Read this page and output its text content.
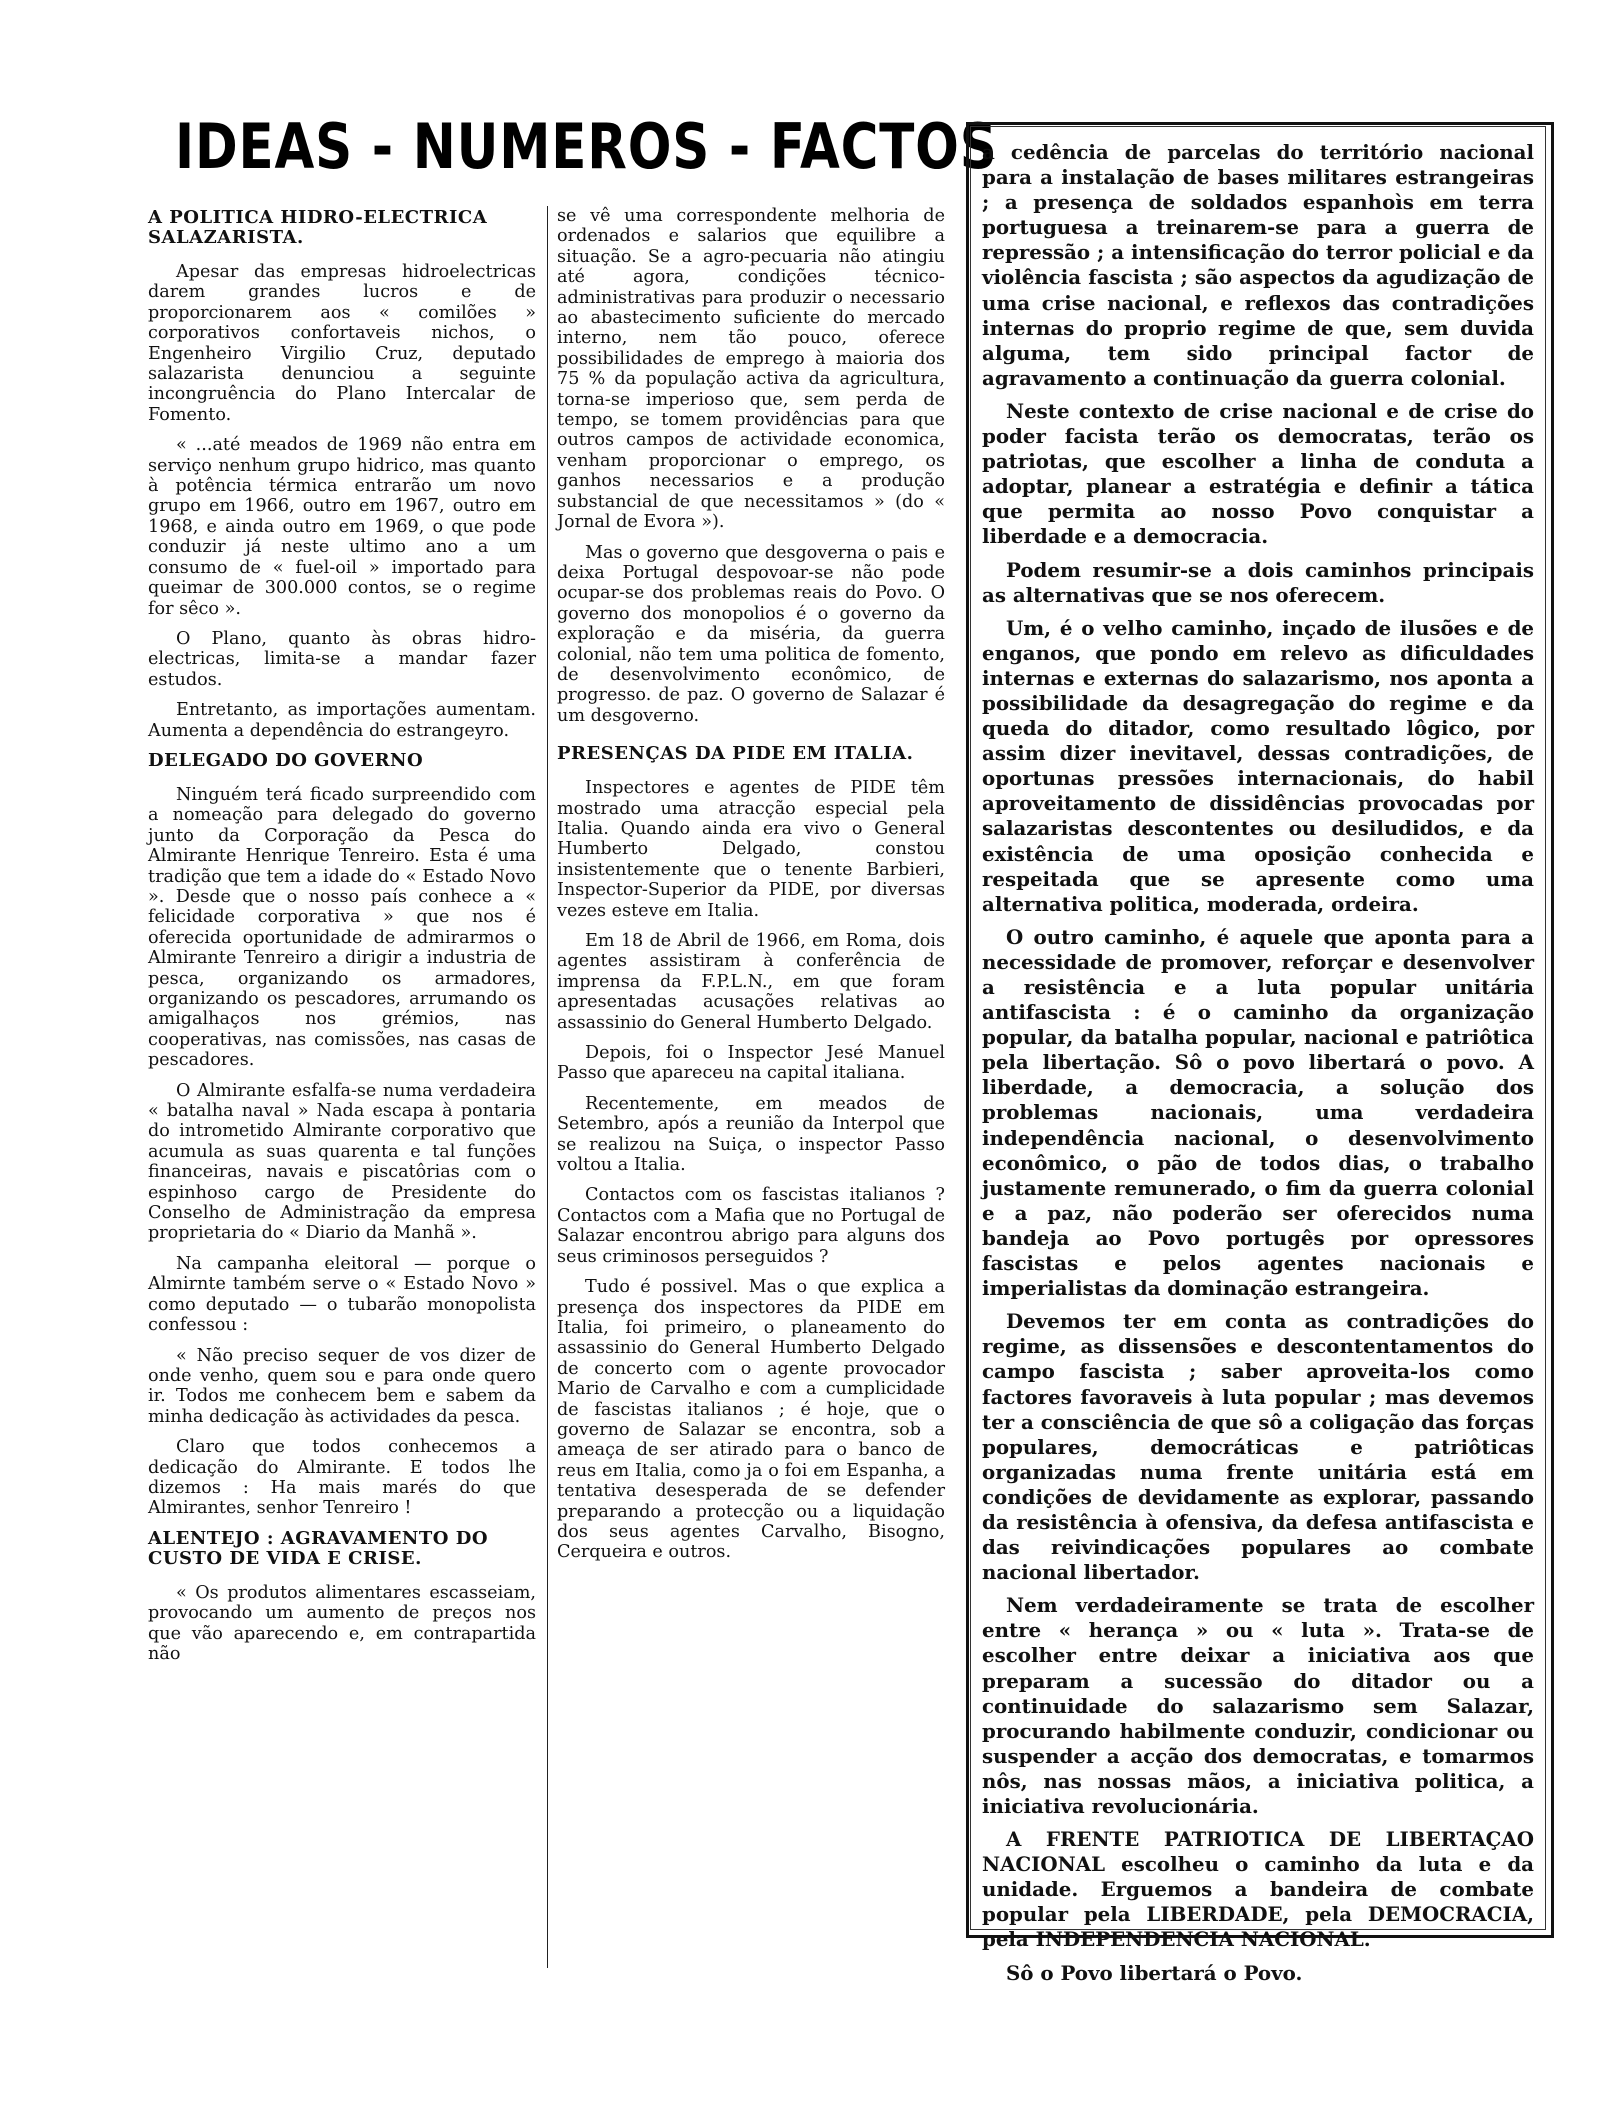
IDEAS - NUMEROS - FACTOS
A POLITICA HIDRO-ELECTRICA SALAZARISTA.

Apesar das empresas hidroelectricas darem grandes lucros e de proporcionarem aos « comilões » corporativos confortaveis nichos, o Engenheiro Virgilio Cruz, deputado salazarista denunciou a seguinte incongruência do Plano Intercalar de Fomento.

« ...até meados de 1969 não entra em serviço nenhum grupo hidrico, mas quanto à potência térmica entrarão um novo grupo em 1966, outro em 1967, outro em 1968, e ainda outro em 1969, o que pode conduzir já neste ultimo ano a um consumo de « fuel-oil » importado para queimar de 300.000 contos, se o regime for sêco ».

O Plano, quanto às obras hidro-electricas, limita-se a mandar fazer estudos.

Entretanto, as importações aumentam. Aumenta a dependência do estrangeyro.

DELEGADO DO GOVERNO

Ninguém terá ficado surpreendido com a nomeação para delegado do governo junto da Corporação da Pesca do Almirante Henrique Tenreiro. Esta é uma tradição que tem a idade do « Estado Novo ». Desde que o nosso país conhece a « felicidade corporativa » que nos é oferecida oportunidade de admirarmos o Almirante Tenreiro a dirigir a industria de pesca, organizando os armadores, organizando os pescadores, arrumando os amigalhaços nos grémios, nas cooperativas, nas comissões, nas casas de pescadores.

O Almirante esfalfa-se numa verdadeira « batalha naval » Nada escapa à pontaria do intrometido Almirante corporativo que acumula as suas quarenta e tal funções financeiras, navais e piscatôrias com o espinhoso cargo de Presidente do Conselho de Administração da empresa proprietaria do « Diario da Manhã ».

Na campanha eleitoral — porque o Almirnte também serve o « Estado Novo » como deputado — o tubarão monopolista confessou :

« Não preciso sequer de vos dizer de onde venho, quem sou e para onde quero ir. Todos me conhecem bem e sabem da minha dedicação às actividades da pesca.

Claro que todos conhecemos a dedicação do Almirante. E todos lhe dizemos : Ha mais marés do que Almirantes, senhor Tenreiro !

ALENTEJO : AGRAVAMENTO DO CUSTO DE VIDA E CRISE.

« Os produtos alimentares escasseiam, provocando um aumento de preços nos que vão aparecendo e, em contrapartida não

se vê uma correspondente melhoria de ordenados e salarios que equilibre a situação. Se a agro-pecuaria não atingiu até agora, condições técnico-administrativas para produzir o necessario ao abastecimento suficiente do mercado interno, nem tão pouco, oferece possibilidades de emprego à maioria dos 75 % da população activa da agricultura, torna-se imperioso que, sem perda de tempo, se tomem providências para que outros campos de actividade economica, venham proporcionar o emprego, os ganhos necessarios e a produção substancial de que necessitamos » (do « Jornal de Evora »).

Mas o governo que desgoverna o pais e deixa Portugal despovoar-se não pode ocupar-se dos problemas reais do Povo. O governo dos monopolios é o governo da exploração e da miséria, da guerra colonial, não tem uma politica de fomento, de desenvolvimento econômico, de progresso. de paz. O governo de Salazar é um desgoverno.

PRESENÇAS DA PIDE EM ITALIA.

Inspectores e agentes de PIDE têm mostrado uma atracção especial pela Italia. Quando ainda era vivo o General Humberto Delgado, constou insistentemente que o tenente Barbieri, Inspector-Superior da PIDE, por diversas vezes esteve em Italia.

Em 18 de Abril de 1966, em Roma, dois agentes assistiram à conferência de imprensa da F.P.L.N., em que foram apresentadas acusações relativas ao assassinio do General Humberto Delgado.

Depois, foi o Inspector Jesé Manuel Passo que apareceu na capital italiana.

Recentemente, em meados de Setembro, após a reunião da Interpol que se realizou na Suiça, o inspector Passo voltou a Italia.

Contactos com os fascistas italianos ? Contactos com a Mafia que no Portugal de Salazar encontrou abrigo para alguns dos seus criminosos perseguidos ?

Tudo é possivel. Mas o que explica a presença dos inspectores da PIDE em Italia, foi primeiro, o planeamento do assassinio do General Humberto Delgado de concerto com o agente provocador Mario de Carvalho e com a cumplicidade de fascistas italianos ; é hoje, que o governo de Salazar se encontra, sob a ameaça de ser atirado para o banco de reus em Italia, como ja o foi em Espanha, a tentativa desesperada de se defender preparando a protecção ou a liquidação dos seus agentes Carvalho, Bisogno, Cerqueira e outros.

a cedência de parcelas do território nacional para a instalação de bases militares estrangeiras ; a presença de soldados espanhoìs em terra portuguesa a treinarem-se para a guerra de repressão ; a intensificação do terror policial e da violência fascista ; são aspectos da agudização de uma crise nacional, e reflexos das contradições internas do proprio regime de que, sem duvida alguma, tem sido principal factor de agravamento a continuação da guerra colonial.

Neste contexto de crise nacional e de crise do poder facista terão os democratas, terão os patriotas, que escolher a linha de conduta a adoptar, planear a estratégia e definir a tática que permita ao nosso Povo conquistar a liberdade e a democracia.

Podem resumir-se a dois caminhos principais as alternativas que se nos oferecem.

Um, é o velho caminho, inçado de ilusões e de enganos, que pondo em relevo as dificuldades internas e externas do salazarismo, nos aponta a possibilidade da desagregação do regime e da queda do ditador, como resultado lôgico, por assim dizer inevitavel, dessas contradições, de oportunas pressões internacionais, do habil aproveitamento de dissidências provocadas por salazaristas descontentes ou desiludidos, e da existência de uma oposição conhecida e respeitada que se apresente como uma alternativa politica, moderada, ordeira.

O outro caminho, é aquele que aponta para a necessidade de promover, reforçar e desenvolver a resistência e a luta popular unitária antifascista : é o caminho da organização popular, da batalha popular, nacional e patriôtica pela libertação. Sô o povo libertará o povo. A liberdade, a democracia, a solução dos problemas nacionais, uma verdadeira independência nacional, o desenvolvimento econômico, o pão de todos dias, o trabalho justamente remunerado, o fim da guerra colonial e a paz, não poderão ser oferecidos numa bandeja ao Povo portugês por opressores fascistas e pelos agentes nacionais e imperialistas da dominação estrangeira.

Devemos ter em conta as contradições do regime, as dissensões e descontentamentos do campo fascista ; saber aproveita-los como factores favoraveis à luta popular ; mas devemos ter a consciência de que sô a coligação das forças populares, democráticas e patriôticas organizadas numa frente unitária está em condições de devidamente as explorar, passando da resistência à ofensiva, da defesa antifascista e das reivindicações populares ao combate nacional libertador.

Nem verdadeiramente se trata de escolher entre « herança » ou « luta ». Trata-se de escolher entre deixar a iniciativa aos que preparam a sucessão do ditador ou a continuidade do salazarismo sem Salazar, procurando habilmente conduzir, condicionar ou suspender a acção dos democratas, e tomarmos nôs, nas nossas mãos, a iniciativa politica, a iniciativa revolucionária.

A FRENTE PATRIOTICA DE LIBERTAÇAO NACIONAL escolheu o caminho da luta e da unidade. Erguemos a bandeira de combate popular pela LIBERDADE, pela DEMOCRACIA, pela INDEPENDENCIA NACIONAL.

Sô o Povo libertará o Povo.
